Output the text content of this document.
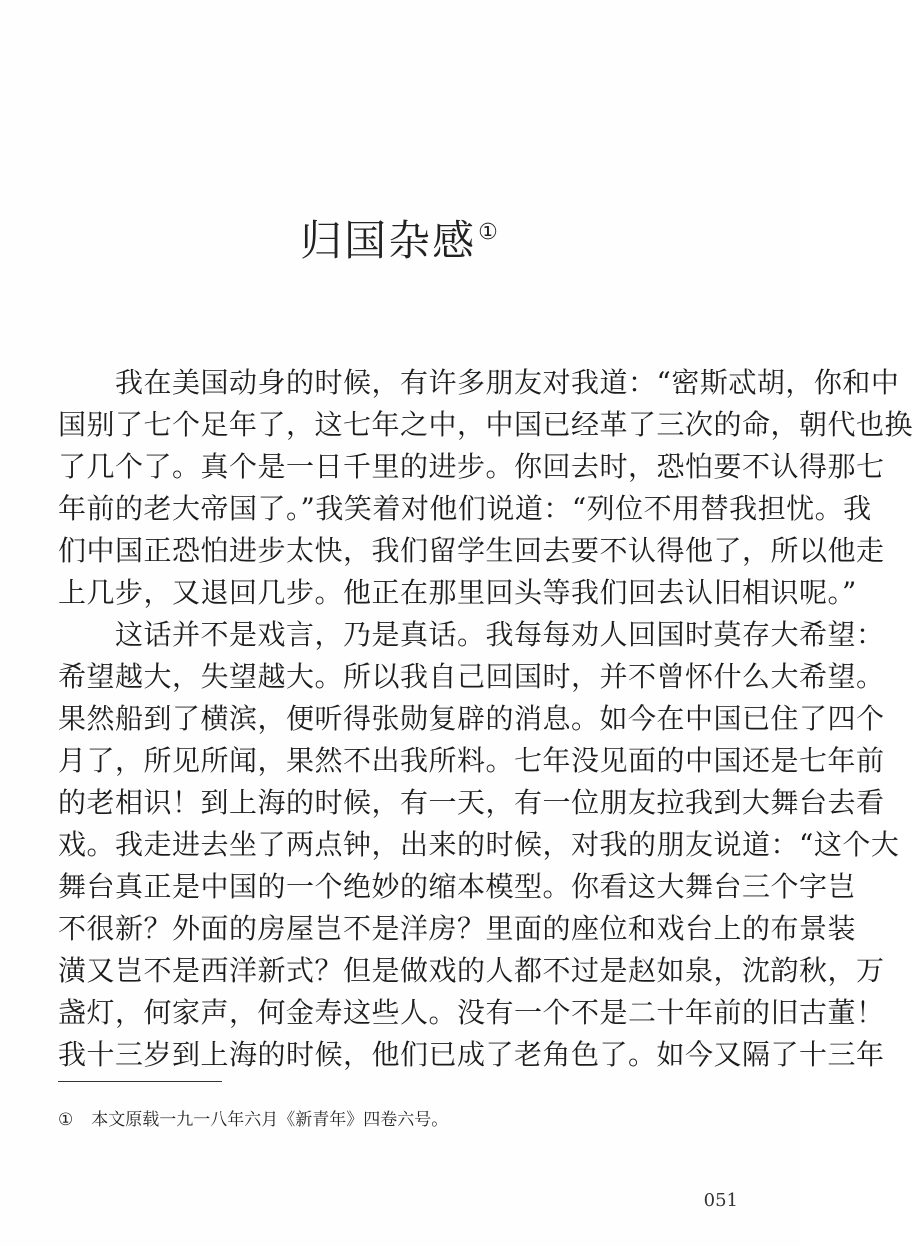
归国杂感①
　　我在美国动身的时候，有许多朋友对我道：“密斯忒胡，你和中
国别了七个足年了，这七年之中，中国已经革了三次的命，朝代也换
了几个了。真个是一日千里的进步。你回去时，恐怕要不认得那七
年前的老大帝国了。”我笑着对他们说道：“列位不用替我担忧。我
们中国正恐怕进步太快，我们留学生回去要不认得他了，所以他走
上几步，又退回几步。他正在那里回头等我们回去认旧相识呢。”
　　这话并不是戏言，乃是真话。我每每劝人回国时莫存大希望：
希望越大，失望越大。所以我自己回国时，并不曾怀什么大希望。
果然船到了横滨，便听得张勋复辟的消息。如今在中国已住了四个
月了，所见所闻，果然不出我所料。七年没见面的中国还是七年前
的老相识！到上海的时候，有一天，有一位朋友拉我到大舞台去看
戏。我走进去坐了两点钟，出来的时候，对我的朋友说道：“这个大
舞台真正是中国的一个绝妙的缩本模型。你看这大舞台三个字岂
不很新？外面的房屋岂不是洋房？里面的座位和戏台上的布景装
潢又岂不是西洋新式？但是做戏的人都不过是赵如泉，沈韵秋，万
盏灯，何家声，何金寿这些人。没有一个不是二十年前的旧古董！
我十三岁到上海的时候，他们已成了老角色了。如今又隔了十三年
① 本文原载一九一八年六月《新青年》四卷六号。
051
